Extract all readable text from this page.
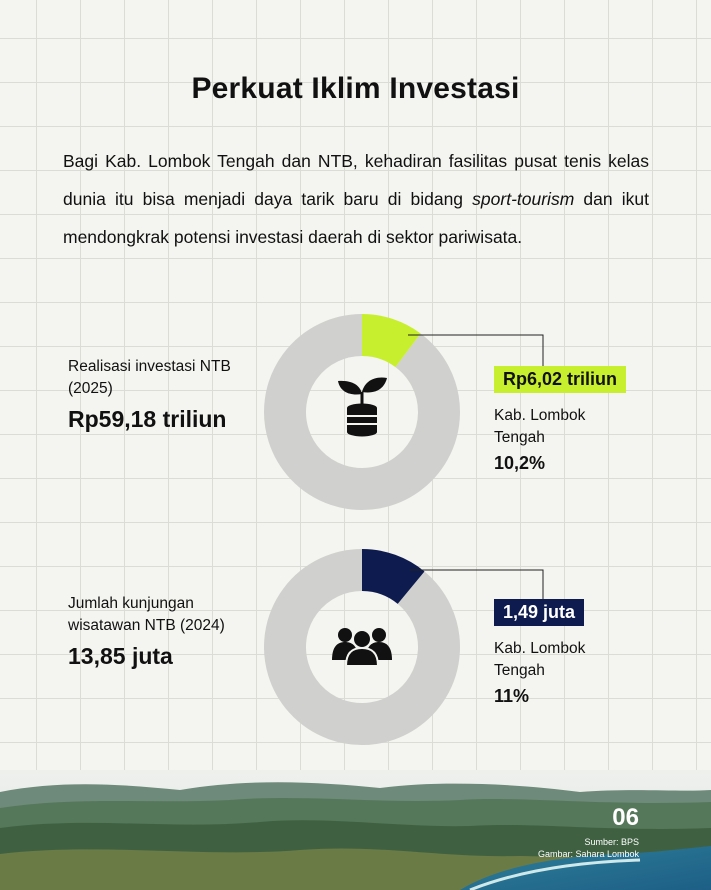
Perkuat Iklim Investasi

Bagi Kab. Lombok Tengah dan NTB, kehadiran fasilitas pusat tenis kelas dunia itu bisa menjadi daya tarik baru di bidang sport-tourism dan ikut mendongkrak potensi investasi daerah di sektor pariwisata.

Realisasi investasi NTB (2025)

Rp59,18 triliun

Rp6,02 triliun

Kab. Lombok Tengah

10,2%

Jumlah kunjungan wisatawan NTB (2024)

13,85 juta

1,49 juta

Kab. Lombok Tengah

11%

06

Sumber: BPS
Gambar: Sahara Lombok
